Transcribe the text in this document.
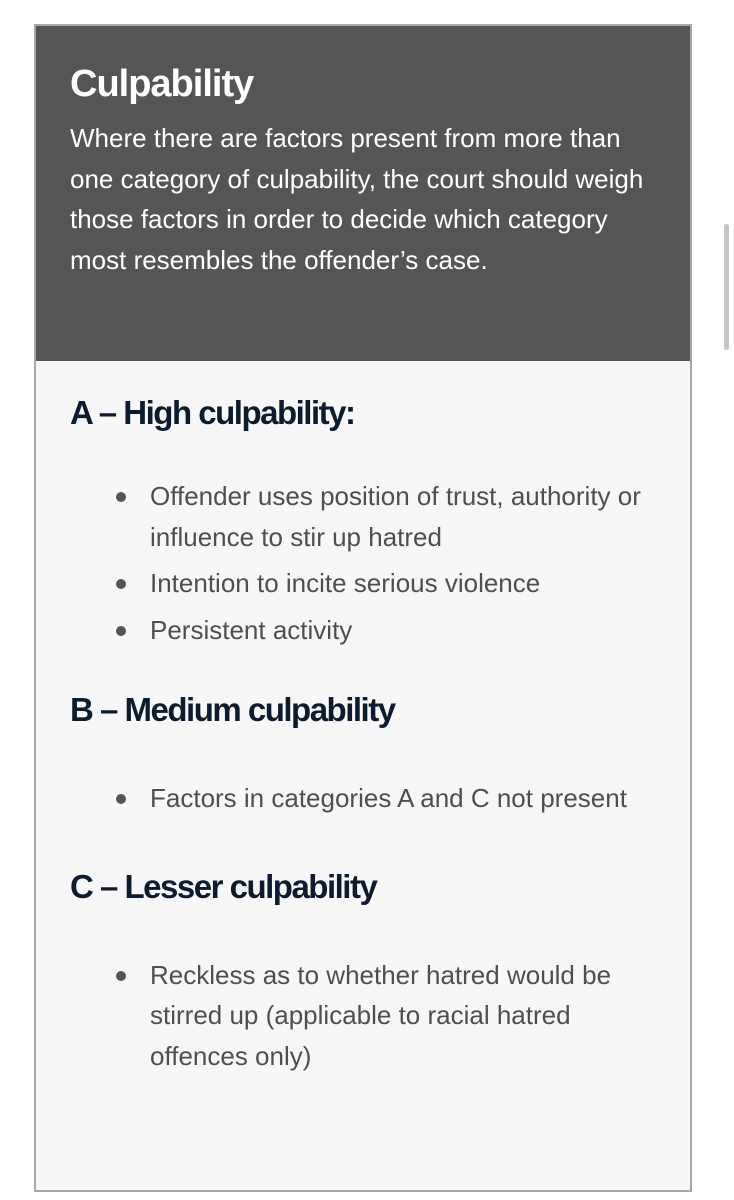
Culpability

Where there are factors present from more than one category of culpability, the court should weigh those factors in order to decide which category most resembles the offender’s case.

A – High culpability:
Offender uses position of trust, authority or influence to stir up hatred
Intention to incite serious violence
Persistent activity
B – Medium culpability
Factors in categories A and C not present
C – Lesser culpability
Reckless as to whether hatred would be stirred up (applicable to racial hatred offences only)
